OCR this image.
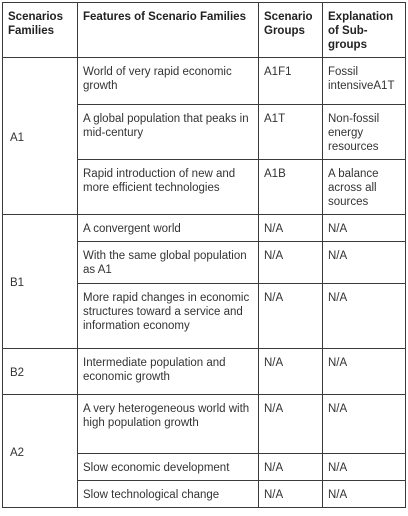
Scenarios Families	Features of Scenario Families	Scenario Groups	Explanation of Sub-groups
A1	World of very rapid economic growth	A1F1	Fossil intensiveA1T
	A global population that peaks in mid-century	A1T	Non-fossil energy resources
	Rapid introduction of new and more efficient technologies	A1B	A balance across all sources
B1	A convergent world	N/A	N/A
	With the same global population as A1	N/A	N/A
	More rapid changes in economic structures toward a service and information economy	N/A	N/A
B2	Intermediate population and economic growth	N/A	N/A
A2	A very heterogeneous world with high population growth	N/A	N/A
	Slow economic development	N/A	N/A
	Slow technological change	N/A	N/A
